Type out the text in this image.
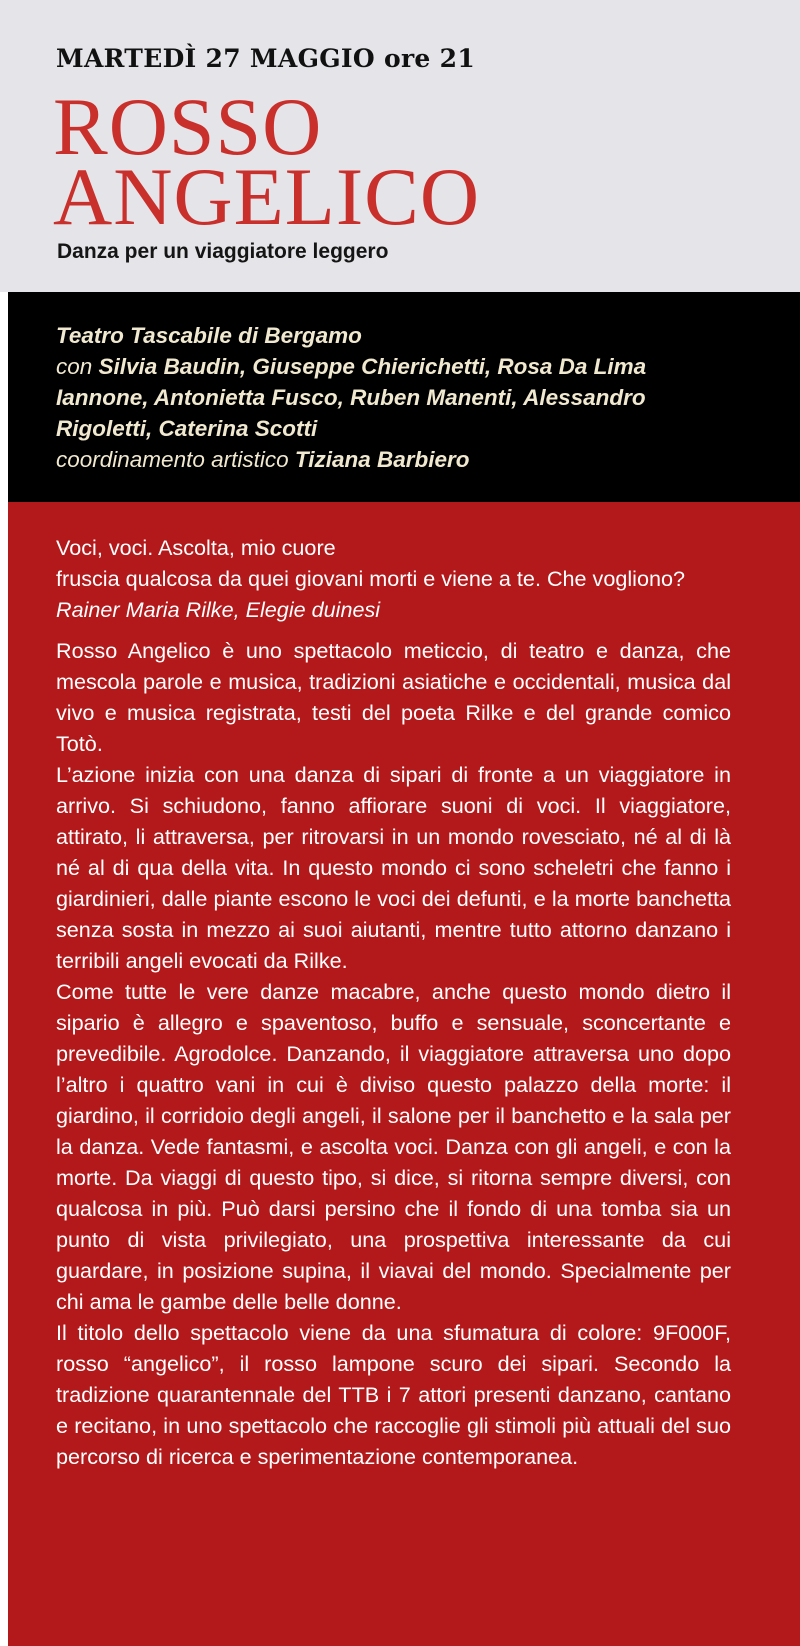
MARTEDÌ 27 MAGGIO ore 21
ROSSO
ANGELICO
Danza per un viaggiatore leggero
Teatro Tascabile di Bergamo
con Silvia Baudin, Giuseppe Chierichetti, Rosa Da Lima
Iannone, Antonietta Fusco, Ruben Manenti, Alessandro
Rigoletti, Caterina Scotti
coordinamento artistico Tiziana Barbiero

Voci, voci. Ascolta, mio cuore
fruscia qualcosa da quei giovani morti e viene a te. Che vogliono?
Rainer Maria Rilke, Elegie duinesi

Rosso Angelico è uno spettacolo meticcio, di teatro e danza, che mescola parole e musica, tradizioni asiatiche e occidentali, musica dal vivo e musica registrata, testi del poeta Rilke e del grande comico Totò.

L’azione inizia con una danza di sipari di fronte a un viaggiatore in arrivo. Si schiudono, fanno affiorare suoni di voci. Il viaggiatore, attirato, li attraversa, per ritrovarsi in un mondo rovesciato, né al di là né al di qua della vita. In questo mondo ci sono scheletri che fanno i giardinieri, dalle piante escono le voci dei defunti, e la morte banchetta senza sosta in mezzo ai suoi aiutanti, mentre tutto attorno danzano i terribili angeli evocati da Rilke.

Come tutte le vere danze macabre, anche questo mondo dietro il sipario è allegro e spaventoso, buffo e sensuale, sconcertante e prevedibile. Agrodolce. Danzando, il viaggiatore attraversa uno dopo l’altro i quattro vani in cui è diviso questo palazzo della morte: il giardino, il corridoio degli angeli, il salone per il banchetto e la sala per la danza. Vede fantasmi, e ascolta voci. Danza con gli angeli, e con la morte. Da viaggi di questo tipo, si dice, si ritorna sempre diversi, con qualcosa in più. Può darsi persino che il fondo di una tomba sia un punto di vista privilegiato, una prospettiva interessante da cui guardare, in posizione supina, il viavai del mondo. Specialmente per chi ama le gambe delle belle donne.

Il titolo dello spettacolo viene da una sfumatura di colore: 9F000F, rosso “angelico”, il rosso lampone scuro dei sipari. Secondo la tradizione quarantennale del TTB i 7 attori presenti danzano, cantano e recitano, in uno spettacolo che raccoglie gli stimoli più attuali del suo percorso di ricerca e sperimentazione contemporanea.
